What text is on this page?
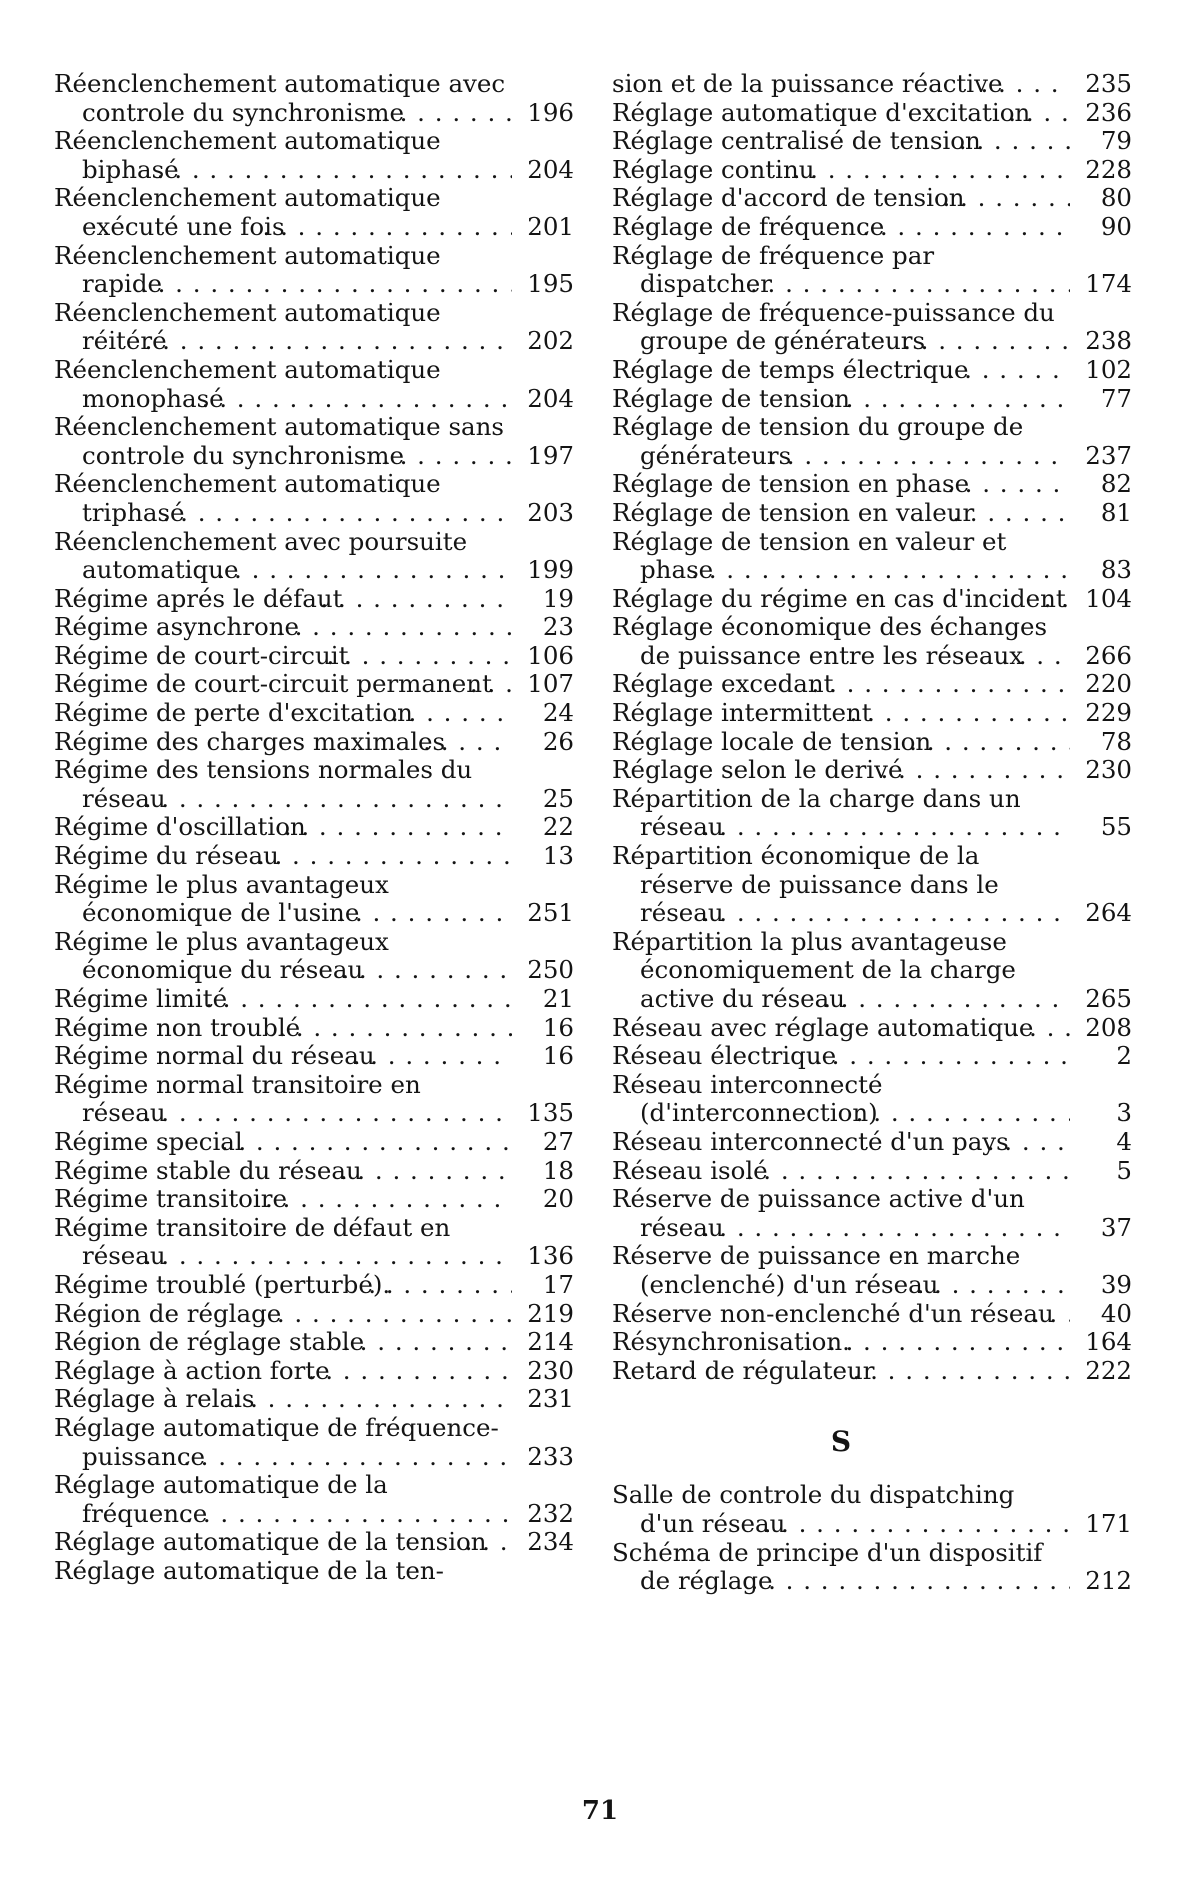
Réenclenchement automatique avec controle du synchronisme . . .	196
Réenclenchement automatique biphasé . . .	204
Réenclenchement automatique exécuté une fois . . .	201
Réenclenchement automatique rapide . . .	195
Réenclenchement automatique réitéré . . .	202
Réenclenchement automatique monophasé . . .	204
Réenclenchement automatique sans controle du synchronisme . . .	197
Réenclenchement automatique triphasé . . .	203
Réenclenchement avec poursuite automatique . . .	199
Régime aprés le défaut . . .	19
Régime asynchrone . . .	23
Régime de court-circuit . . .	106
Régime de court-circuit permanent . . .	107
Régime de perte d'excitation . . .	24
Régime des charges maximales . . .	26
Régime des tensions normales du réseau . . .	25
Régime d'oscillation . . .	22
Régime du réseau . . .	13
Régime le plus avantageux économique de l'usine . . .	251
Régime le plus avantageux économique du réseau . . .	250
Régime limité . . .	21
Régime non troublé . . .	16
Régime normal du réseau . . .	16
Régime normal transitoire en réseau . . .	135
Régime special . . .	27
Régime stable du réseau . . .	18
Régime transitoire . . .	20
Régime transitoire de défaut en réseau . . .	136
Régime troublé (perturbé). . . .	17
Région de réglage . . .	219
Région de réglage stable . . .	214
Réglage à action forte . . .	230
Réglage à relais . . .	231
Réglage automatique de fréquence-puissance . . .	233
Réglage automatique de la fréquence . . .	232
Réglage automatique de la tension . . .	234
Réglage automatique de la ten-
sion et de la puissance réactive . . .	235
Réglage automatique d'excitation . . .	236
Réglage centralisé de tension . . .	79
Réglage continu . . .	228
Réglage d'accord de tension . . .	80
Réglage de fréquence . . .	90
Réglage de fréquence par dispatcher . . .	174
Réglage de fréquence-puissance du groupe de générateurs . . .	238
Réglage de temps électrique . . .	102
Réglage de tension . . .	77
Réglage de tension du groupe de générateurs . . .	237
Réglage de tension en phase . . .	82
Réglage de tension en valeur . . .	81
Réglage de tension en valeur et phase . . .	83
Réglage du régime en cas d'incident . . . 104
Réglage économique des échanges de puissance entre les réseaux . . .	266
Réglage excedant . . .	220
Réglage intermittent . . .	229
Réglage locale de tension . . .	78
Réglage selon le derivé . . .	230
Répartition de la charge dans un réseau . . .	55
Répartition économique de la réserve de puissance dans le réseau . . .	264
Répartition la plus avantageuse économiquement de la charge active du réseau . . .	265
Réseau avec réglage automatique . . .	208
Réseau électrique . . .	2
Réseau interconnecté (d'interconnection) . . .	3
Réseau interconnecté d'un pays . . .	4
Réseau isolé . . .	5
Réserve de puissance active d'un réseau . . .	37
Réserve de puissance en marche (enclenché) d'un réseau . . .	39
Réserve non-enclenché d'un réseau . . .	40
Résynchronisation. . . .	164
Retard de régulateur . . .	222
S
Salle de controle du dispatching d'un réseau . . .	171
Schéma de principe d'un dispositif de réglage . . .	212
71
